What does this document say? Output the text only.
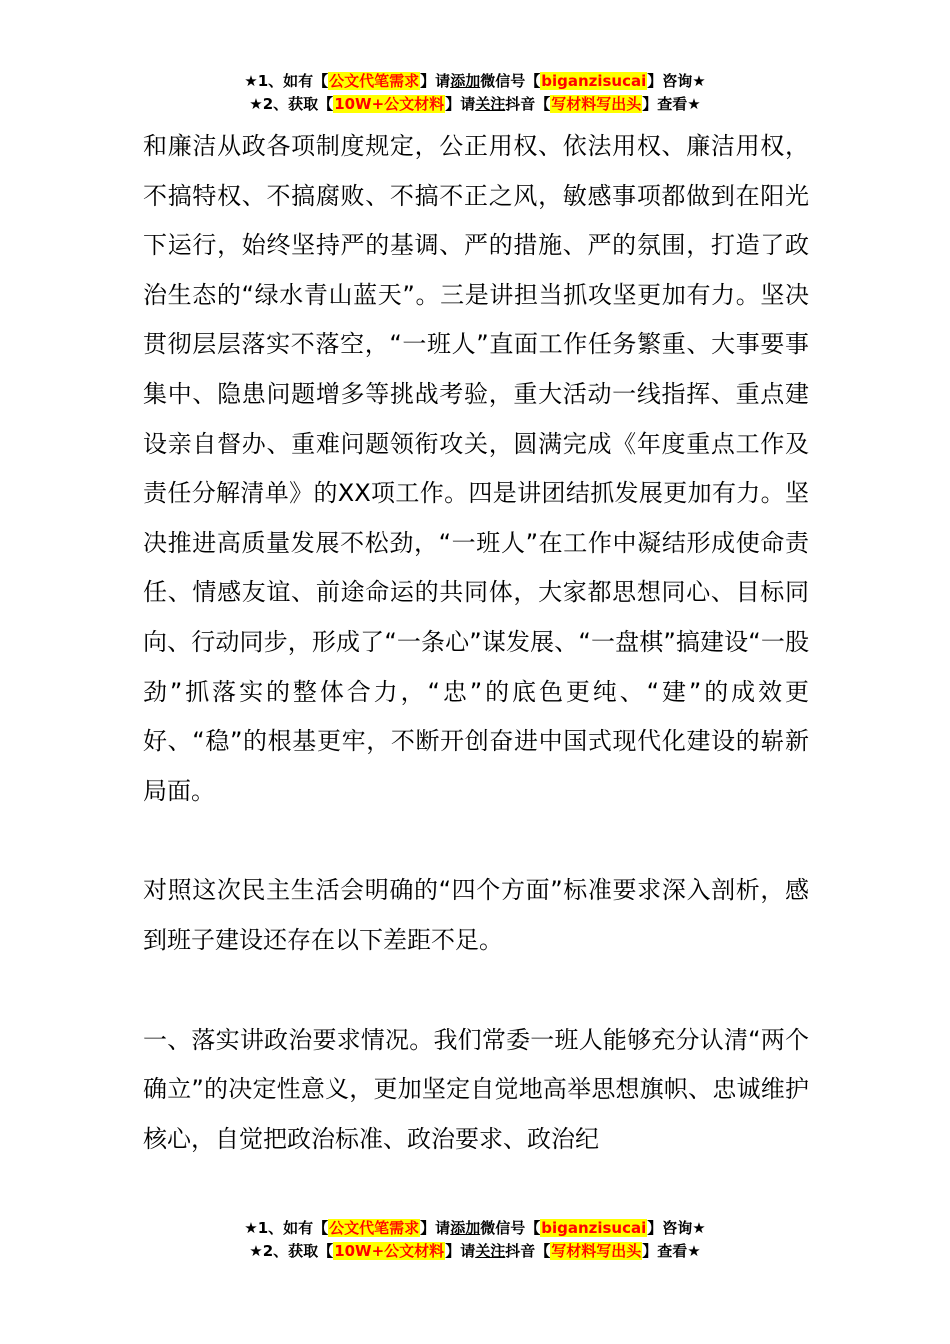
★1、如有【公文代笔需求】请添加微信号【biganzisucai】咨询★
★2、获取【10W+公文材料】请关注抖音【写材料写出头】查看★

和廉洁从政各项制度规定，公正用权、依法用权、廉洁用权，不搞特权、不搞腐败、不搞不正之风，敏感事项都做到在阳光下运行，始终坚持严的基调、严的措施、严的氛围，打造了政治生态的“绿水青山蓝天”。三是讲担当抓攻坚更加有力。坚决贯彻层层落实不落空，“一班人”直面工作任务繁重、大事要事集中、隐患问题增多等挑战考验，重大活动一线指挥、重点建设亲自督办、重难问题领衔攻关，圆满完成《年度重点工作及责任分解清单》的XX项工作。四是讲团结抓发展更加有力。坚决推进高质量发展不松劲，“一班人”在工作中凝结形成使命责任、情感友谊、前途命运的共同体，大家都思想同心、目标同向、行动同步，形成了“一条心”谋发展、“一盘棋”搞建设“一股劲”抓落实的整体合力，“忠”的底色更纯、“建”的成效更好、“稳”的根基更牢，不断开创奋进中国式现代化建设的崭新局面。

对照这次民主生活会明确的“四个方面”标准要求深入剖析，感到班子建设还存在以下差距不足。

一、落实讲政治要求情况。我们常委一班人能够充分认清“两个确立”的决定性意义，更加坚定自觉地高举思想旗帜、忠诚维护核心，自觉把政治标准、政治要求、政治纪

★1、如有【公文代笔需求】请添加微信号【biganzisucai】咨询★
★2、获取【10W+公文材料】请关注抖音【写材料写出头】查看★
